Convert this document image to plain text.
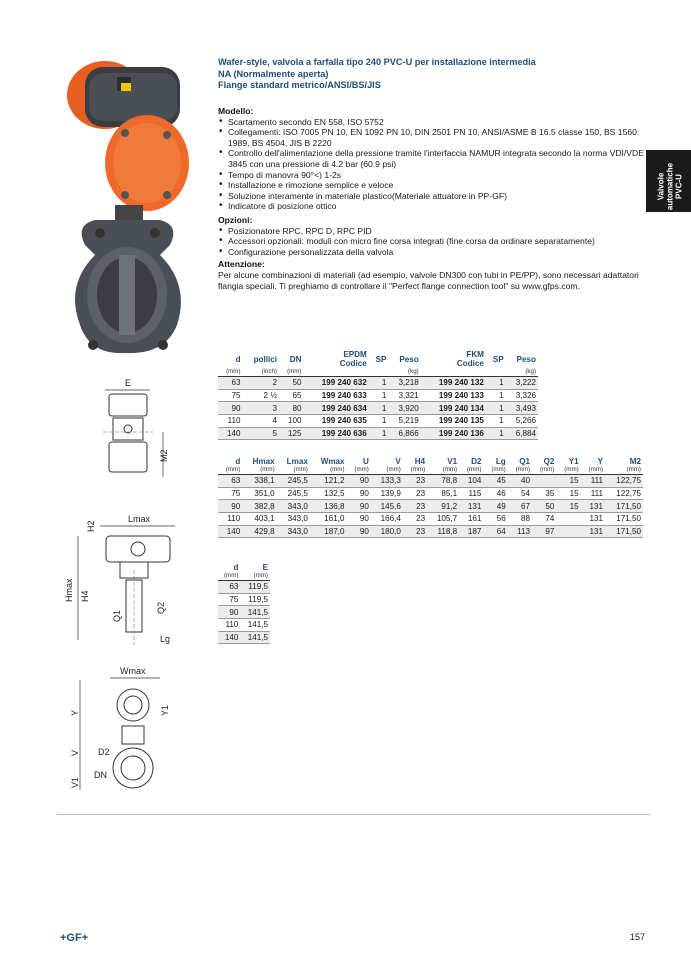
E
M2
Lmax
H2
Hmax H4
Q1
Q2
Lg
Wmax
Y	Y1
V
V1
D2
DN
Wafer-style, valvola a farfalla tipo 240 PVC-U per installazione intermedia
NA (Normalmente aperta)
Flange standard metrico/ANSI/BS/JIS
Valvole
automatiche
PVC-U
Modello:
• Scartamento secondo EN 558, ISO 5752
• Collegamenti: ISO 7005 PN 10, EN 1092 PN 10, DIN 2501 PN 10, ANSI/ASME B 16.5 classe 150, BS 1560: 1989, BS 4504, JIS B 2220
• Controllo dell'alimentazione della pressione tramite l'interfaccia NAMUR integrata secondo la norma VDI/VDE 3845 con una pressione di 4.2 bar (60.9 psi)
• Tempo di manovra 90°<) 1-2s
• Installazione e rimozione semplice e veloce
• Soluzione interamente in materiale plastico(Materiale attuatore in PP-GF)
• Indicatore di posizione ottico
Opzioni:
• Posizionatore RPC, RPC D, RPC PID
• Accessori opzionali: moduli con micro fine corsa integrati (fine corsa da ordinare separatamente)
• Configurazione personalizzata della valvola
Attenzione:
Per alcune combinazioni di materiali (ad esempio, valvole DN300 con tubi in PE/PP), sono necessari adattatori flangia speciali. Ti preghiamo di controllare il "Perfect flange connection tool" su www.gfps.com.
d	pollici	DN	EPDM
Codice	SP	Peso	FKM
Codice	SP	Peso
(mm)	(inch)	(mm)			(kg)			(kg)
63	2	50	199 240 632	1	3,218	199 240 132	1	3,222
75	2 ½	65	199 240 633	1	3,321	199 240 133	1	3,326
90	3	80	199 240 634	1	3,920	199 240 134	1	3,493
110	4	100	199 240 635	1	5,219	199 240 135	1	5,266
140	5	125	199 240 636	1	6,866	199 240 136	1	6,884
d	Hmax	Lmax	Wmax	U	V	H4	V1	D2	Lg	Q1	Q2	Y1	Y	M2
(mm)	(mm)	(mm)	(mm)	(mm)	(mm)	(mm)	(mm)	(mm)	(mm)	(mm)	(mm)	(mm)	(mm)	(mm)
63	338,1	245,5	121,2	90	133,3	23	78,8	104	45	40		15	111	122,75
75	351,0	245,5	132,5	90	139,9	23	85,1	115	46	54	35	15	111	122,75
90	382,8	343,0	136,8	90	145,6	23	91,2	131	49	67	50	15	131	171,50
110	403,1	343,0	161,0	90	166,4	23	105,7	161	56	88	74		131	171,50
140	429,8	343,0	187,0	90	180,0	23	118,8	187	64	113	97		131	171,50
d	E
(mm)	(mm)
63	119,5
75	119,5
90	141,5
110	141,5
140	141,5
+GF+	157
